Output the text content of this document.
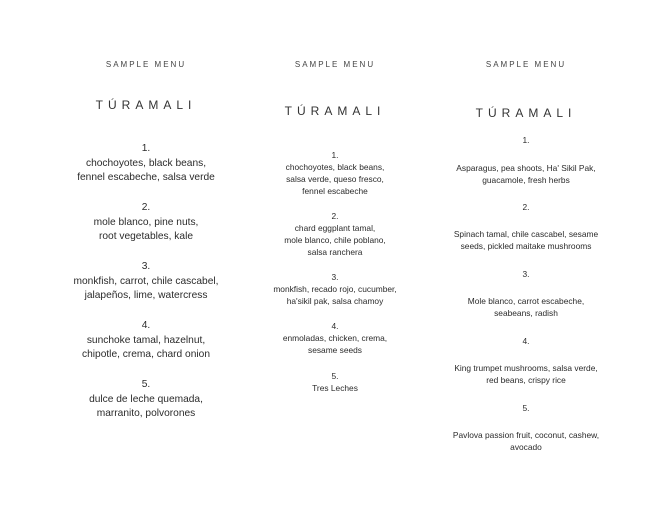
SAMPLE MENU
TÚRAMALI
1.
chochoyotes, black beans,
fennel escabeche, salsa verde
2.
mole blanco, pine nuts,
root vegetables, kale
3.
monkfish, carrot, chile cascabel,
jalapeños, lime, watercress
4.
sunchoke tamal, hazelnut,
chipotle, crema, chard onion
5.
dulce de leche quemada,
marranito, polvorones
SAMPLE MENU
TÚRAMALI
1.
chochoyotes, black beans,
salsa verde, queso fresco,
fennel escabeche
2.
chard eggplant tamal,
mole blanco, chile poblano,
salsa ranchera
3.
monkfish, recado rojo, cucumber,
ha'sikil pak, salsa chamoy
4.
enmoladas, chicken, crema,
sesame seeds
5.
Tres Leches
SAMPLE MENU
TÚRAMALI
1.
Asparagus, pea shoots, Ha' Sikil Pak,
guacamole, fresh herbs
2.
Spinach tamal, chile cascabel, sesame
seeds, pickled maitake mushrooms
3.
Mole blanco, carrot escabeche,
seabeans, radish
4.
King trumpet mushrooms, salsa verde,
red beans, crispy rice
5.
Pavlova passion fruit, coconut, cashew,
avocado
